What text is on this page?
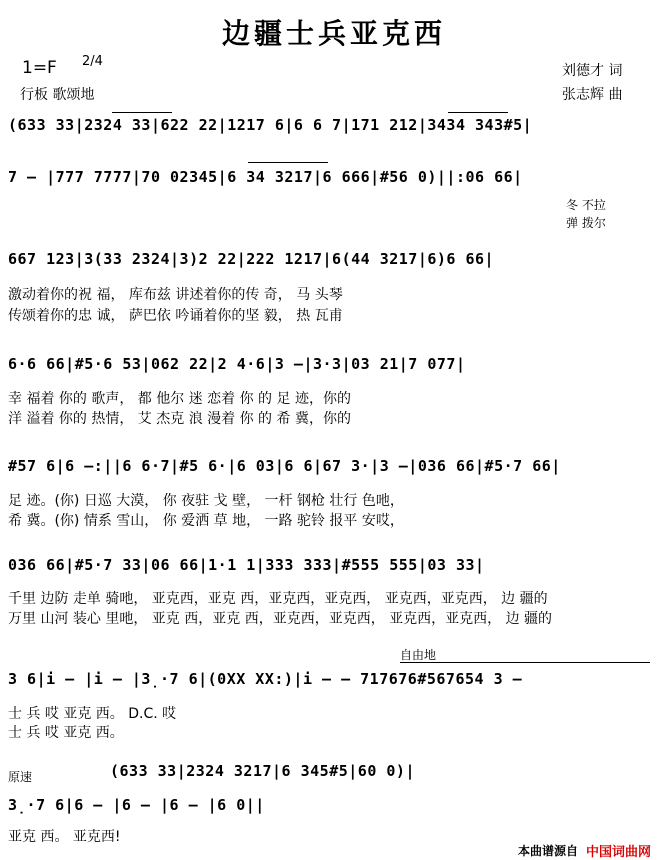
边疆士兵亚克西
1=F 2/4
行板 歌颂地
刘德才 词
张志辉 曲
(633 33|2324 33|622 22|1217 6|6 6 7|171 212|3434 343#5|
7 — |777 7777|70 02345|6 34 3217|6 666|#56 0)||:06 66|
冬 不拉
弹 拨尔
667 123|3(33 2324|3)2 22|222 1217|6(44 3217|6)6 66|
激动着你的祝 福， 库布兹 讲述着你的传 奇， 马 头琴
传颂着你的忠 诚， 萨巴依 吟诵着你的坚 毅， 热 瓦甫
6·6 66|#5·6 53|062 22|2 4·6|3 —|3·3|03 21|7 077|
幸 福着 你的 歌声， 都 他尔 迷 恋着 你 的 足 迹，你的
洋 溢着 你的 热情， 艾 杰克 浪 漫着 你 的 希 冀，你的
#57 6|6 —:||6 6·7|#5 6·|6 03|6 6|67 3·|3 —|036 66|#5·7 66|
足 迹。(你) 日巡 大漠， 你 夜驻 戈 壁， 一杆 钢枪 壮行 色吔，
希 冀。(你) 情系 雪山， 你 爱洒 草 地， 一路 驼铃 报平 安哎，
036 66|#5·7 33|06 66|1·1 1|333 333|#555 555|03 33|
千里 边防 走单 骑吔， 亚克西，亚克 西，亚克西，亚克西， 亚克西，亚克西， 边 疆的
万里 山河 装心 里吔， 亚克 西，亚克 西，亚克西，亚克西， 亚克西，亚克西， 边 疆的
自由地
3 6|i — |i — |3̣·7 6|(0XX XX:)|i — — 717676#567654 3 —
士 兵 哎 亚克 西。 D.C. 哎
士 兵 哎 亚克 西。
原速	(633 33|2324 3217|6 345#5|60 0)|
3̣·7 6|6 — |6 — |6 — |6 0||
亚克 西。 亚克西!
本曲谱源自 中国词曲网
